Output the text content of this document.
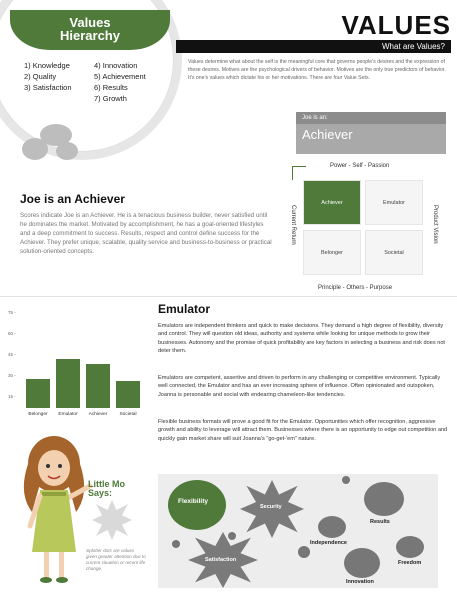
Values
Hierarchy
1) Knowledge
2) Quality
3) Satisfaction
4) Innovation
5) Achievement
6) Results
7) Growth
VALUES
What are Values?
Values determine what about the self is the meaningful core that governs people's desires and the expression of these desires. Motives are the psychological drivers of behavior. Motives are the only true predictors of behavior. It's one's values which dictate his or her motivations. There are four Value Sets.
Joe is an:
Achiever
Power - Self - Passion
Current Return	Product Vision
Achiever	Emulator
Belonger	Societal
Principle - Others - Purpose
Joe is an Achiever
Scores indicate Joe is an Achiever. He is a tenacious business builder, never satisfied until he dominates the market. Motivated by accomplishment, he has a goal-oriented lifestyles and a deep commitment to success. Results, respect and control define success for the Achiever. They prefer unique, scalable, quality service and business-to-business or practical solution-oriented concepts.
75 -
60 -
45 -
30 -
15 -
Belonger	Emulator	Achiever	Societal
Emulator
Emulators are independent thinkers and quick to make decisions. They demand a high degree of flexibility, diversity and control. They will question old ideas, authority and systems while looking for unique methods to grow their businesses. Autonomy and the promise of quick profitability are key factors in selecting a business and risk does not deter them.
Emulators are competent, assertive and driven to perform in any challenging or competitive environment. Typically well connected, the Emulator and has an ever increasing sphere of influence. Often opinionated and outspoken, Joanna is personable and social with endearing chameleon-like tendencies.
Flexible business formats will prove a good fit for the Emulator. Opportunities which offer recognition, aggressive growth and ability to leverage will attract them. Businesses where there is an opportunity to edge out competition and quickly gain market share will suit Joanna's "go-get-'em" nature.
Little Mo
Says:
Splotter dots are values given greater attention due to current situation or recent life change.
Flexibility
Security
Results
Independence
Satisfaction	Freedom
Innovation
